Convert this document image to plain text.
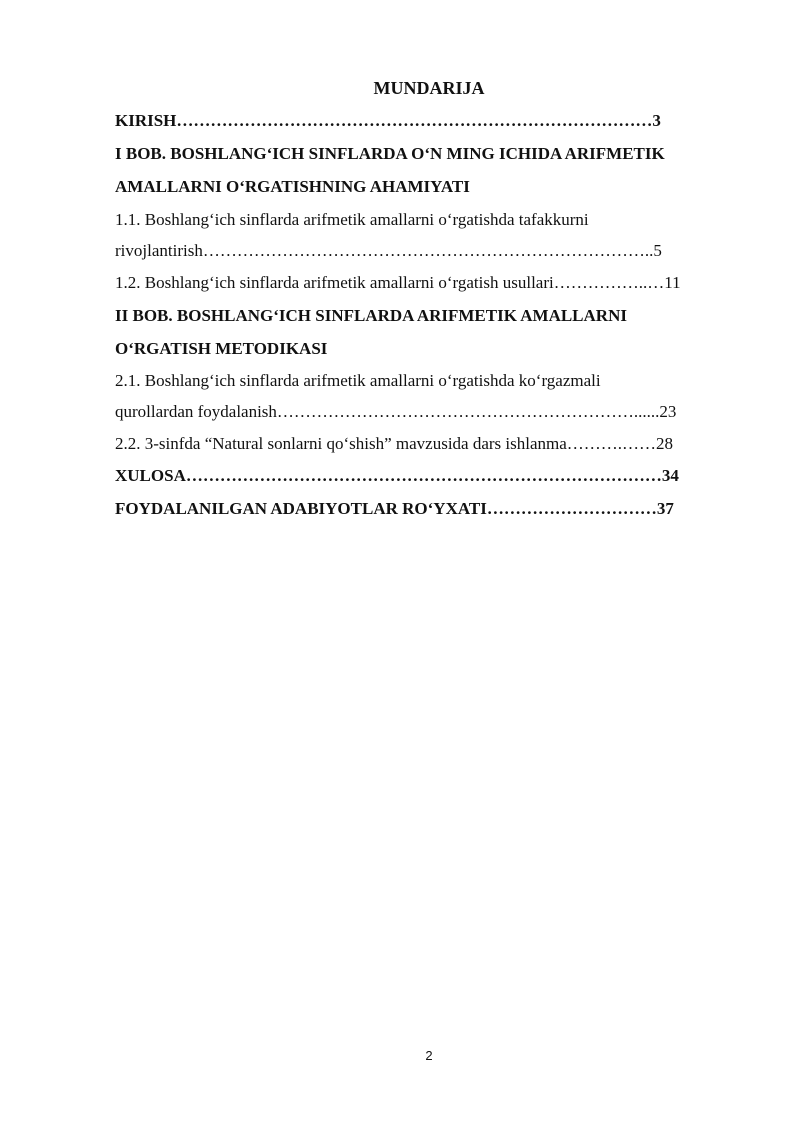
MUNDARIJA
KIRISH…………………………………………………………………………3
I BOB. BOSHLANG‘ICH SINFLARDA O‘N MING ICHIDA ARIFMETIK
AMALLARNI O‘RGATISHNING AHAMIYATI
1.1. Boshlang‘ich sinflarda arifmetik amallarni o‘rgatishda tafakkurni
rivojlantirish……………………………………………………………………..5
1.2. Boshlang‘ich sinflarda arifmetik amallarni o‘rgatish usullari……………..…11
II BOB. BOSHLANG‘ICH SINFLARDA ARIFMETIK AMALLARNI
O‘RGATISH METODIKASI
2.1. Boshlang‘ich sinflarda arifmetik amallarni o‘rgatishda ko‘rgazmali
qurollardan foydalanish………………………………………………………......23
2.2. 3-sinfda “Natural sonlarni qo‘shish” mavzusida dars ishlanma……….……28
XULOSA…………………………………………………………………………34
FOYDALANILGAN ADABIYOTLAR RO‘YXATI…………………………37
2
